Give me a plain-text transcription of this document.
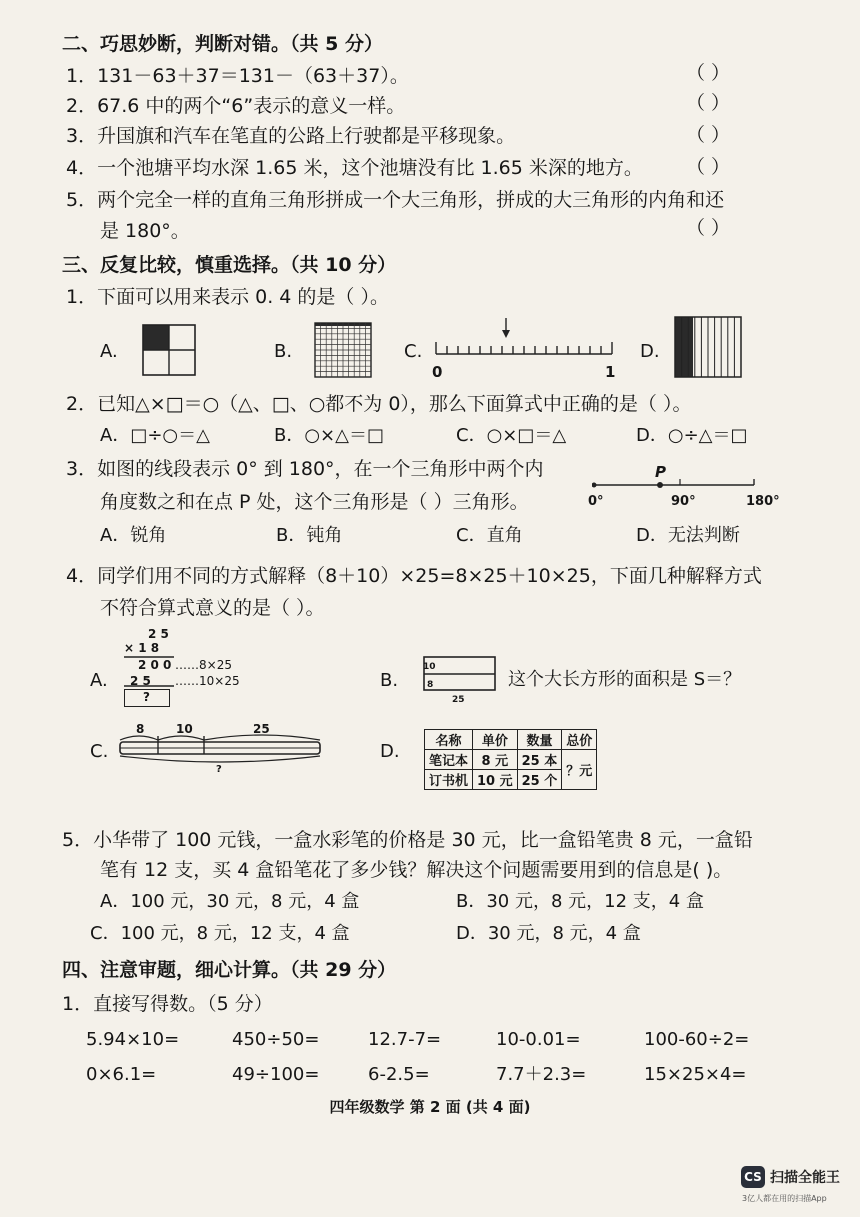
二、巧思妙断，判断对错。（共 5 分）
1．131－63＋37＝131－（63＋37）。	（ ）
2．67.6 中的两个“6”表示的意义一样。	（ ）
3．升国旗和汽车在笔直的公路上行驶都是平移现象。	（ ）
4．一个池塘平均水深 1.65 米，这个池塘没有比 1.65 米深的地方。 （ ）
5．两个完全一样的直角三角形拼成一个大三角形，拼成的大三角形的内角和还
是 180°。	（ ）
三、反复比较，慎重选择。（共 10 分）
1．下面可以用来表示 0. 4 的是（ ）。
A.	B.	C.
0	1
D.
2．已知△×□＝○（△、□、○都不为 0），那么下面算式中正确的是（ ）。
A．□÷○＝△	B．○×△＝□	C．○×□＝△	D．○÷△＝□
3．如图的线段表示 0° 到 180°，在一个三角形中两个内
角度数之和在点 P 处，这个三角形是（ ）三角形。
P
0°	90°	180°
A．锐角	B．钝角	C．直角	D．无法判断
4．同学们用不同的方式解释（8＋10）×25=8×25＋10×25，下面几种解释方式
不符合算式意义的是（ ）。
A.
2 5
× 1 8
2 0 0 ……8×25
2 5 ……10×25
?
B.
10
8
25
这个大长方形的面积是 S＝？
C.
8	10	25
?
D.	名称	单价	数量	总价
笔记本	8 元	25 本	？元
订书机	10 元	25 个	
5．小华带了 100 元钱，一盒水彩笔的价格是 30 元，比一盒铅笔贵 8 元，一盒铅
笔有 12 支，买 4 盒铅笔花了多少钱？解决这个问题需要用到的信息是( )。
A．100 元，30 元，8 元，4 盒	B．30 元，8 元，12 支，4 盒
C．100 元，8 元，12 支，4 盒	D．30 元，8 元，4 盒
四、注意审题，细心计算。（共 29 分）
1．直接写得数。（5 分）
5.94×10=	450÷50=	12.7-7=	10-0.01=	100-60÷2=
0×6.1=	49÷100=	6-2.5=	7.7＋2.3=	15×25×4=
四年级数学 第 2 面 (共 4 面)
CS 扫描全能王
3亿人都在用的扫描App
